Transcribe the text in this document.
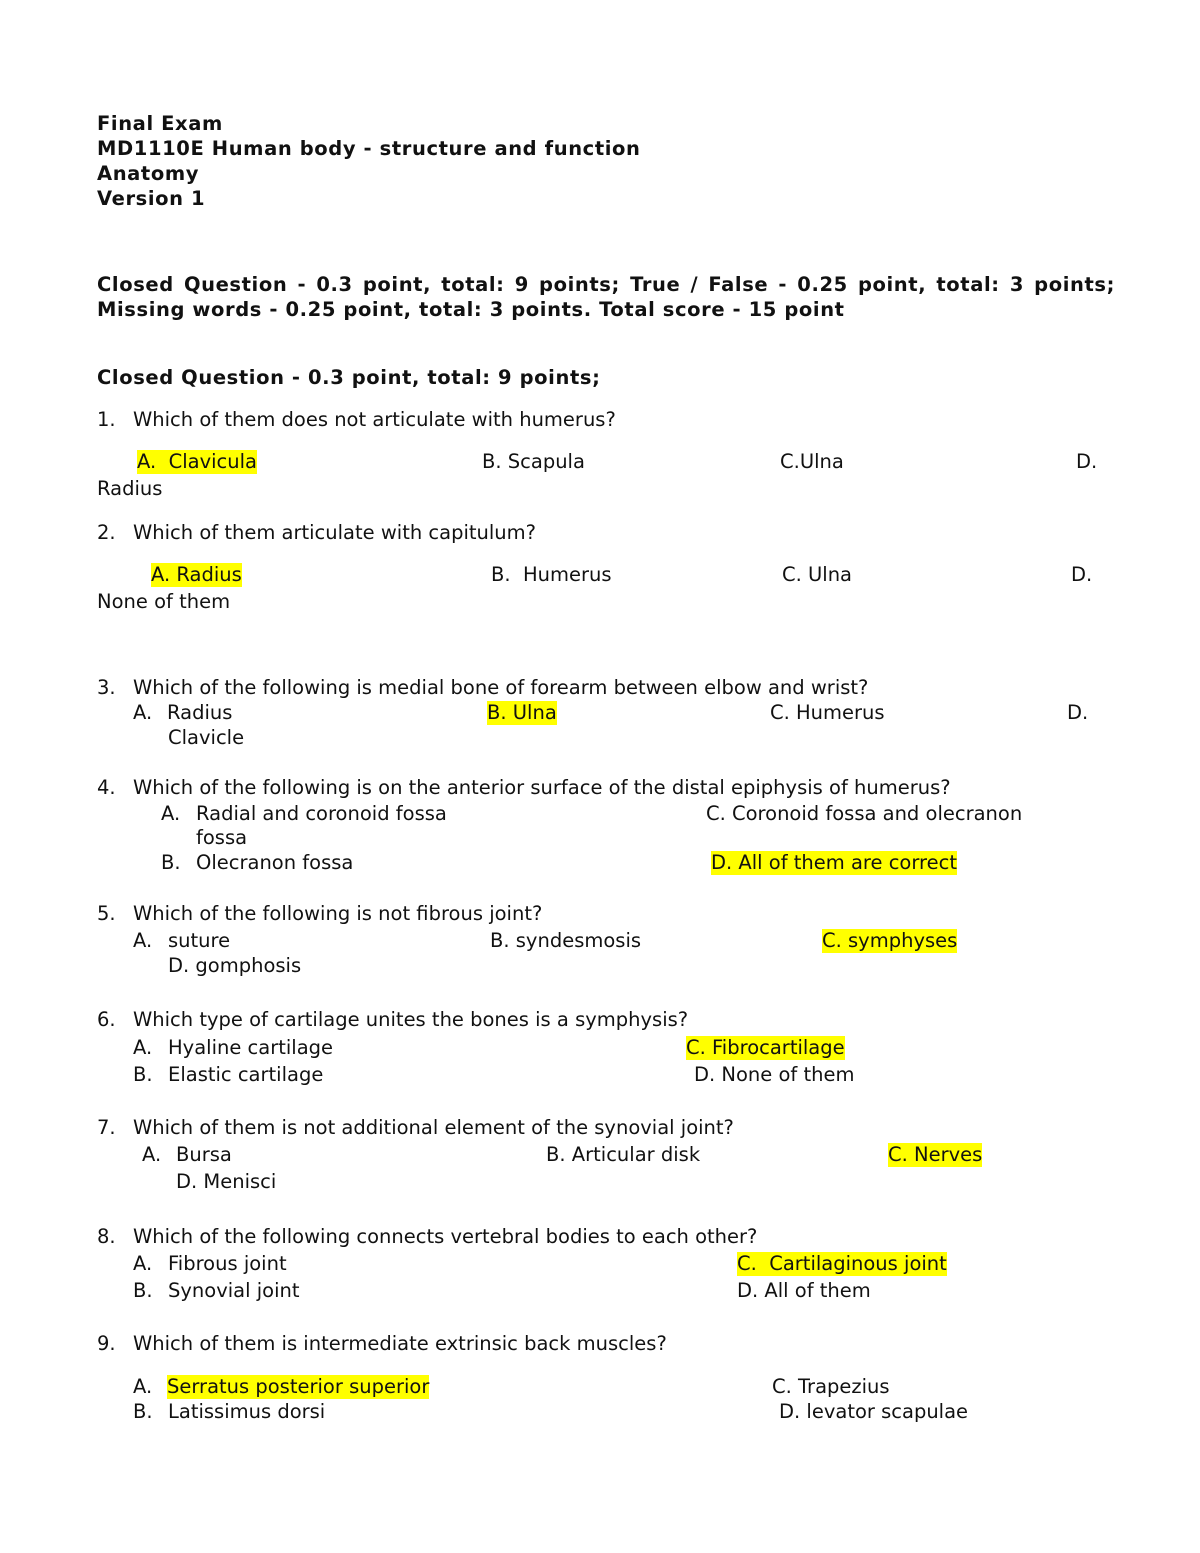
Final Exam
MD1110E Human body - structure and function
Anatomy
Version 1
Closed Question - 0.3 point, total: 9 points; True / False - 0.25 point, total: 3 points; Missing words - 0.25 point, total: 3 points. Total score - 15 point
Closed Question - 0.3 point, total: 9 points;
1. Which of them does not articulate with humerus?
A.  Clavicula	B. Scapula	C.Ulna	D.
Radius
2. Which of them articulate with capitulum?
A. Radius	B.  Humerus	C. Ulna	D.
None of them
3. Which of the following is medial bone of forearm between elbow and wrist?
A. Radius	B. Ulna	C. Humerus	D.
Clavicle
4. Which of the following is on the anterior surface of the distal epiphysis of humerus?
A. Radial and coronoid fossa	C. Coronoid fossa and olecranon
fossa
B. Olecranon fossa	D. All of them are correct
5. Which of the following is not fibrous joint?
A. suture	B. syndesmosis	C. symphyses
D. gomphosis
6. Which type of cartilage unites the bones is a symphysis?
A. Hyaline cartilage	C. Fibrocartilage
B. Elastic cartilage	D. None of them
7. Which of them is not additional element of the synovial joint?
A. Bursa	B. Articular disk	C. Nerves
D. Menisci
8. Which of the following connects vertebral bodies to each other?
A. Fibrous joint	C.  Cartilaginous joint
B. Synovial joint	D. All of them
9. Which of them is intermediate extrinsic back muscles?
A. Serratus posterior superior	C. Trapezius
B. Latissimus dorsi	D. levator scapulae
